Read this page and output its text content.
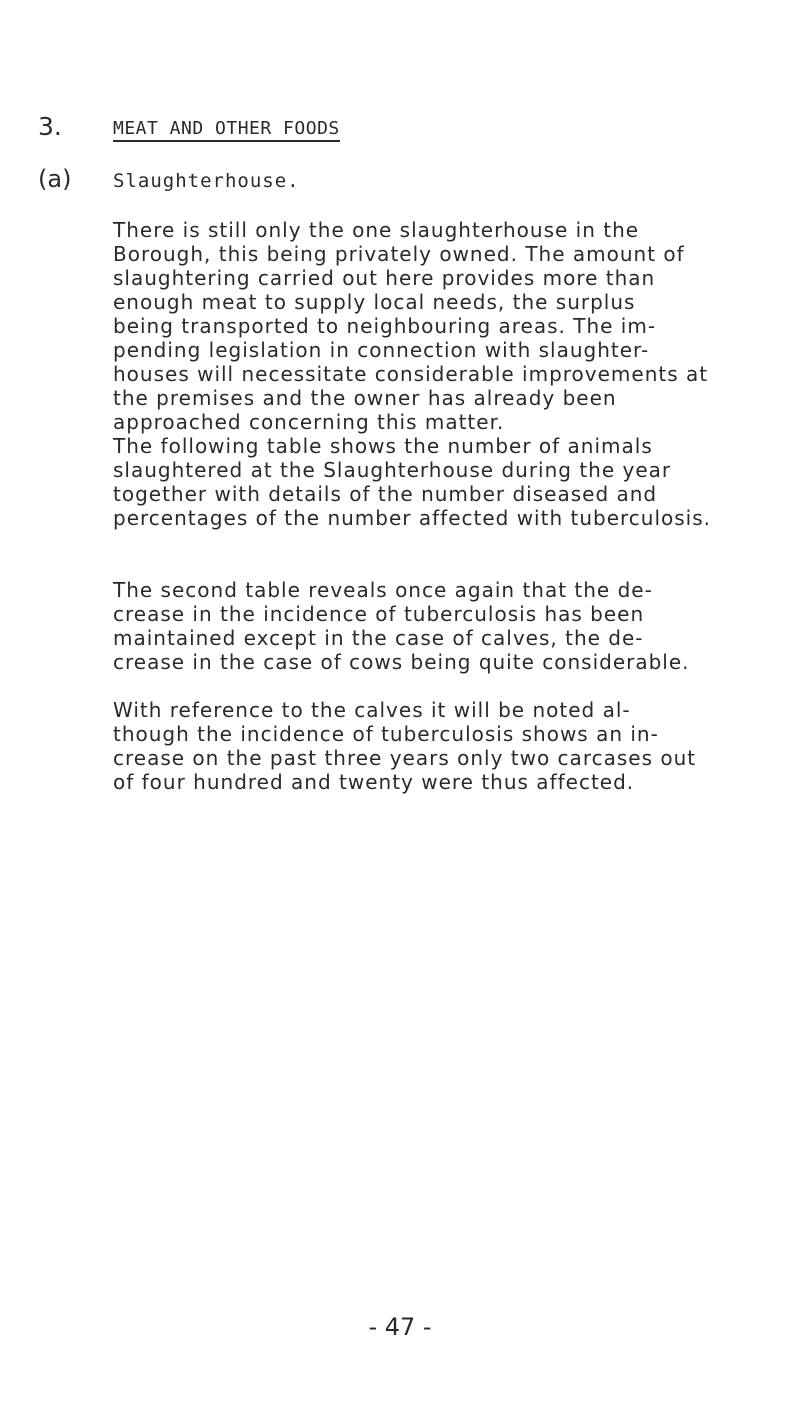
3.	MEAT AND OTHER FOODS
(a) Slaughterhouse.
There is still only the one slaughterhouse in the
Borough, this being privately owned. The amount of
slaughtering carried out here provides more than
enough meat to supply local needs, the surplus
being transported to neighbouring areas. The im-
pending legislation in connection with slaughter-
houses will necessitate considerable improvements at
the premises and the owner has already been
approached concerning this matter.
The following table shows the number of animals
slaughtered at the Slaughterhouse during the year
together with details of the number diseased and
percentages of the number affected with tuberculosis.
The second table reveals once again that the de-
crease in the incidence of tuberculosis has been
maintained except in the case of calves, the de-
crease in the case of cows being quite considerable.
With reference to the calves it will be noted al-
though the incidence of tuberculosis shows an in-
crease on the past three years only two carcases out
of four hundred and twenty were thus affected.
- 47 -
